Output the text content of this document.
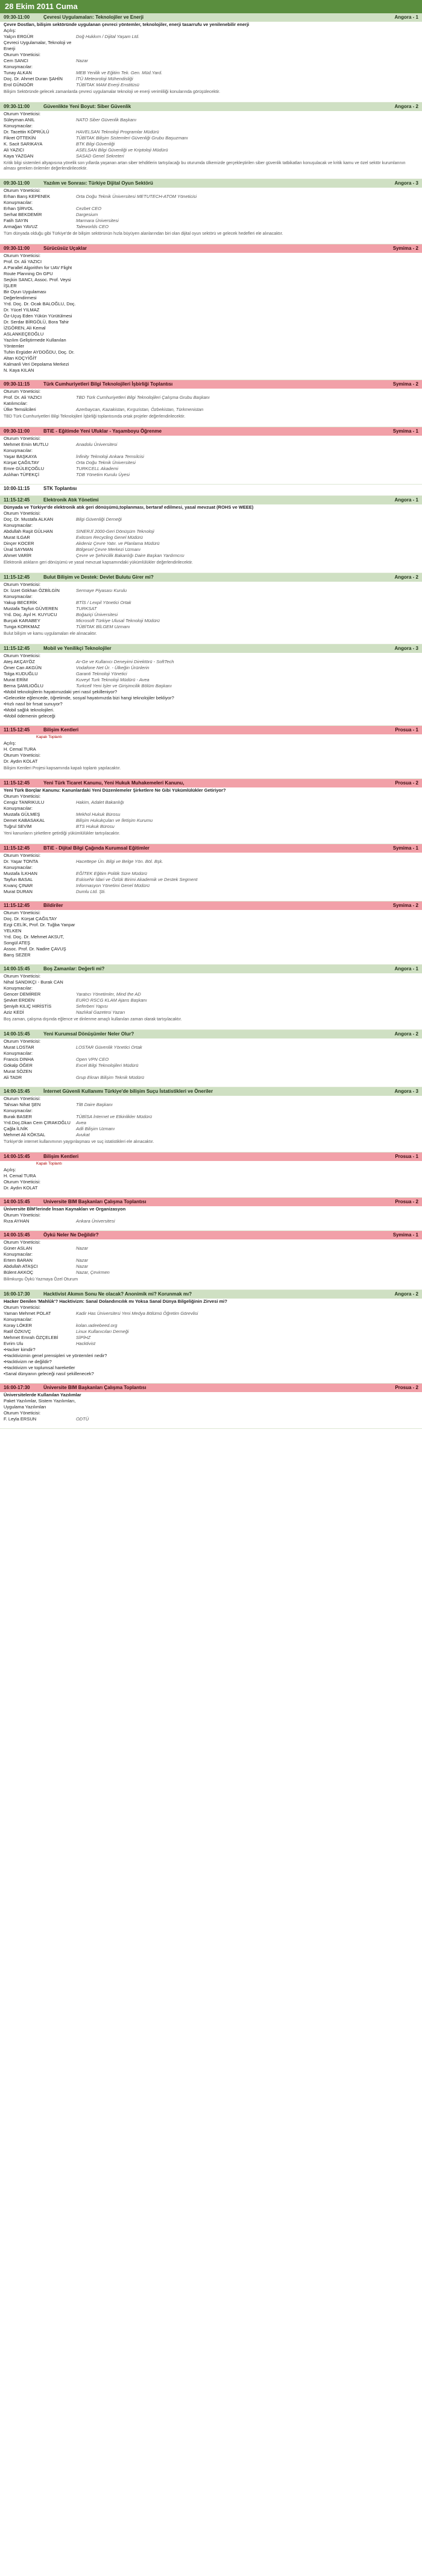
28 Ekim 2011 Cuma
09:30-11:00	Çevresi Uygulamaları: Teknolojiler ve Enerji	Angora - 1
Çevre Dostları, bilişim sektöründe uygulanan çevreci yöntemler, teknolojiler, enerji tasarrufu ve yenilenebilir enerji
Açılış:
Yalçın ERGÜR	Doğ Hukkım / Dijital Yaşam Ltd.
Çevreci Uygulamalar, Teknoloji ve Enerji
Oturum Yöneticisi:
Cem SANCI	Nazar
Konuşmacılar:
Tunay ALKAN	MEB Yenilik ve Eğitim Tek. Gen. Müd.Yard.
Doç. Dr. Ahmet Duran ŞAHİN	İTÜ Meteoroloji Mühendisliği
Erol GÜNGÖR	TÜBİTAK MAM Enerji Enstitüsü
Bilişim Sektöründe gelecek zamanlarda çevreci uygulamalar teknoloji ve enerji verimliliği konularında görüşülecektir.
09:30-11:00	Güvenlikte Yeni Boyut: Siber Güvenlik	Angora - 2
Oturum Yöneticisi:
Süleyman ANIL	NATO Siber Güvenlik Başkanı
Konuşmacılar:
Dr. Tacettin KÖPRÜLÜ	HAVELSAN Teknoloji Programlar Müdürü
Fikret OTTEKİN	TÜBİTAK Bilişim Sistemleri Güvenliği Grubu Başuzmanı
K. Sacit SARIKAYA	BTK Bilgi Güvenliği
Ali YAZICI	ASELSAN Bilgi Güvenliği ve Kriptoloji Müdürü
Kaya YAZGAN	SASAD Genel Sekreteri
Kritik bilgi sistemleri altyapısına yönelik son yıllarda yaşanan artan siber tehditlerin tartışılacağı bu oturumda ülkemizde gerçekleştirilen siber güvenlik tatbikatları konuşulacak ve kritik kamu ve özel sektör kurumlarının alması gereken önlemler değerlendirilecektir.
09:30-11:00	Yazılım ve Sonrası: Türkiye Dijital Oyun Sektörü	Angora - 3
Oturum Yöneticisi:
Erhan Barış KEPENEK	Orta Doğu Teknik Üniversitesi METUTECH-ATOM Yöneticisi
Konuşmacılar:
Erhan ŞİRVOL	Cezbet CEO
Serhat BEKDEMİR	Dargesium
Fatih SAYIN	Marmara Üniversitesi
Armağan YAVUZ	Taleworlds CEO
Tüm dünyada olduğu gibi Türkiye'de de bilişim sektörünün hızla büyüyen alanlarından biri olan dijital oyun sektörü ve gelecek hedefleri ele alınacaktır.
09:30-11:00	Sürücüsüz Uçaklar	Symima - 2
Oturum Yöneticisi:
Prof. Dr. Ali YAZICI
A Parallel Algorithm for UAV Flight Route Planning On GPU
Seçkin SANCI, Assoc. Prof. Veysi İŞLER
Bir Oyun Uygulaması Değerlendirmesi
Yrd. Doç. Dr. Ocak BALOĞLU, Doç. Dr. Yücel YILMAZ
Öz-Uçuş Eden Yükün Yürütülmesi
Dr. Serdar BİRGÖLÜ, Bora Tahir İZGÖREN, Ali Kemal ASLANKEÇEOĞLU
Yazılım Geliştirmede Kullanılan Yöntemler
Tuhin Ergüder AYDOĞDU, Doç. Dr. Altan KOÇYİĞİT
Kalmanli Veri Depolama Merkezi
N. Kaya KILAN
09:30-11:15	Türk Cumhuriyetleri Bilgi Teknolojileri İşbirliği Toplantısı	Symima - 2
Oturum Yöneticisi:
Prof. Dr. Ali YAZICI	TBD Türk Cumhuriyetleri Bilgi Teknolojileri Çalışma Grubu Başkanı
Katılımcılar:
Ülke Temsilcileri	Azerbaycan, Kazakistan, Kırgızistan, Özbekistan, Türkmenistan
TBD Türk Cumhuriyetleri Bilgi Teknolojileri İşbirliği toplantısında ortak projeler değerlendirilecektir.
09:30-11:00	BTiE - Eğitimde Yeni Ufuklar - Yaşamboyu Öğrenme	Symima - 1
Oturum Yöneticisi:
Mehmet Emin MUTLU	Anadolu Üniversitesi
Konuşmacılar:
Yaşar BAŞKAYA	İnfinity Teknoloji Ankara Temsilcisi
Kürşat ÇAĞILTAY	Orta Doğu Teknik Üniversitesi
Emre GÜLEÇOĞLU	TURKCELL Akademi
Aslıhan TÜFEKÇİ	TDB Yönetim Kurulu Üyesi
10:00-11:15	STK Toplantısı
11:15-12:45	Elektronik Atık Yönetimi	Angora - 1
Dünyada ve Türkiye'de elektronik atık geri dönüşümü,toplanması, bertaraf edilmesi, yasal mevzuat (ROHS ve WEEE)
Oturum Yöneticisi:
Doç. Dr. Mustafa ALKAN	Bilgi Güvenliği Derneği
Konuşmacılar:
Abdullah Raşit GÜLHAN	SINERJİ 2000-Geri Dönüşüm Teknoloji
Murat ILGAR	Exitcom Recycling Genel Müdürü
Dinçer KOCER	Akdeniz Çevre Yatır. ve Planlama Müdürü
Ünal SAYMAN	Bölgesel Çevre Merkezi Uzmanı
Ahmet VARİR	Çevre ve Şehircilik Bakanlığı Daire Başkan Yardımcısı
Elektronik atıkların geri dönüşümü ve yasal mevzuat kapsamındaki yükümlülükler değerlendirilecektir.
11:15-12:45	Bulut Bilişim ve Destek: Devlet Bulutu Girer mi?	Angora - 2
Oturum Yöneticisi:
Dr. İzzet Gökhan ÖZBİLGİN	Sermaye Piyasası Kurulu
Konuşmacılar:
Yakup BECERİK	BTİS / Lexpil Yönetici Ortak
Mustafa Tayfun GÜVEREN	TURKSAT
Yrd. Doç. Ayıl H. KUYUCU	Boğaziçi Üniversitesi
Burçak KARABEY	Microsoft Türkiye Ulusal Teknoloji Müdürü
Tunga KORKMAZ	TÜBİTAK BİLGEM Uzmanı
Bulut bilişim ve kamu uygulamaları ele alınacaktır.
11:15-12:45	Mobil ve Yenilikçi Teknolojiler	Angora - 3
Oturum Yöneticisi:
Ateş AKÇAYÖZ	Ar-Ge ve Kullanıcı Deneyimi Direktörü - SoftTech
Ömer Can AKGÜN	Vodafone Net Ür. - Ülkeğin Ürünlerin
Tolga KUDUĞLU	Garanti Teknoloji Yönetici
Murat ERİM	Kuveyt Turk Teknoloji Müdürü - Avea
Berna ŞAMLIOĞLU	Turkcell Yeni İşler ve Girişimcilik Bölüm Başkanı
• Mobil teknolojilerin hayatımızdaki yeri nasıl şekilleniyor?
• Gelecekte eğlencede, öğretimde, sosyal hayatımızda bizi hangi teknolojiler bekliyor?
• Hızlı nasıl bir fırsat sunuyor?
• Mobil sağlık teknolojileri.
• Mobil ödemenin geleceği
11:15-12:45	Bilişim Kentleri	Prosua - 1
Kapalı Toplantı
Açılış:
H. Cemal TURA
Oturum Yöneticisi:
Dr. Aydın KOLAT
Bilişim Kentleri Projesi kapsamında kapalı toplantı yapılacaktır.
11:15-12:45	Yeni Türk Ticaret Kanunu, Yeni Hukuk Muhakemeleri Kanunu,	Prosua - 2
Yeni Türk Borçlar Kanunu: Kanunlardaki Yeni Düzenlemeler Şirketlere Ne Gibi Yükümlülükler Getiriyor?
Oturum Yöneticisi:
Cengiz TANRIKULU	Hakim, Adalet Bakanlığı
Konuşmacılar:
Mustafa GÜLMEŞ	Mekhol Hukuk Bürosu
Demet KABASAKAL	Bilişim Hukukçuları ve İletişim Kurumu
Tuğrul SEVİM	BTS Hukuk Bürosu
Yeni kanunların şirketlere getirdiği yükümlülükler tartışılacaktır.
11:15-12:45	BTiE - Dijital Bilgi Çağında Kurumsal Eğitimler	Symima - 1
Oturum Yöneticisi:
Dr. Yaşar TONTA	Hacettepe Ün. Bilgi ve Belge Yön. Böl. Bşk.
Konuşmacılar:
Mustafa İLKHAN	EĞİTEK Eğitim Politik Süre Müdürü
Tayfun BASAL	Eskisehir İdari ve Özlük Birimi Akademik ve Destek Segment
Kıvanç ÇINAR	Informasyon Yönetimi Genel Müdürü
Murat DURAN	Dumlu Ltd. Şti.
11:15-12:45	Bildiriler	Symima - 2
Oturum Yöneticisi:
Doç. Dr. Kürşat ÇAĞILTAY
Ezgi CELİK, Prof. Dr. Tuğba Yanpar YELKEN
Yrd. Doç. Dr. Mehmet AKSUT, Songül ATEŞ
Assoc. Prof. Dr. Nadire ÇAVUŞ
Barış SEZER
14:00-15:45	Boş Zamanlar: Değerli mi?	Angora - 1
Oturum Yöneticisi:
Nihal SANDIKÇI - Burak CAN
Konuşmacılar:
Gencer DEMİRER	Yaratıcı Yönetimler, Mind the AD
Şevket ERDEN	EURO RSCG KLAM Ajans Başkanı
Şeniyih KILIÇ HIRİSTİS	Seferberi Yapısı
Aziz KEDİ	Nazlıkal Gazetesi Yazarı
Boş zaman, çalışma dışında eğlence ve dinlenme amaçlı kullanılan zaman olarak tartışılacaktır.
14:00-15:45	Yeni Kurumsal Dönüşümler Neler Olur?	Angora - 2
Oturum Yöneticisi:
Murat LOSTAR	LOSTAR Güvenlik Yönetici Ortak
Konuşmacılar:
Francis DINHA	Open VPN CEO
Gökalp ÖĞER	Excel Bilgi Teknolojileri Müdürü
Murat SÖZEN
Ali TADR	Grup Ekran Bilişim Teknik Müdürü
14:00-15:45	İnternet Güvenli Kullanımı Türkiye'de bilişim Suçu İstatistikleri ve Öneriler	Angora - 3
Oturum Yöneticisi:
Tahsan Nihat ŞEN	TİB Daire Başkanı
Konuşmacılar:
Burak BASER	TÜBİSA İnternet ve Etkinlikler Müdürü
Yrd.Doç.Dkan Cem ÇIRAKOĞLU	Avea
Çağla İLNİK	Adli Bilişim Uzmanı
Mehmet Ali KÖKSAL	Avukat
Türkiye'de internet kullanımının yaygınlaşması ve suç istatistikleri ele alınacaktır.
14:00-15:45	Bilişim Kentleri	Prosua - 1
Kapalı Toplantı
Açılış:
H. Cemal TURA
Oturum Yöneticisi:
Dr. Aydın KOLAT
14:00-15:45	Universite BIM Başkanları Çalışma Toplantısı	Prosua - 2
Üniversite BİM'lerinde İnsan Kaynakları ve Organizasyon
Oturum Yöneticisi:
Rıza AYHAN	Ankara Üniversitesi
14:00-15:45	Öykü Neler Ne Değildir?	Symima - 1
Oturum Yöneticisi:
Güner ASLAN	Nazar
Konuşmacılar:
Ertem BARAN	Nazar
Abdullah ATAŞCI	Nazar
Bülent AKKOÇ	Nazar, Çevirmen
Bilimkurgu Öykü Yazmaya Özel Oturum
16:00-17:30	Hacktivist Akımın Sonu Ne olacak? Anonimik mi? Korunmak mı?	Angora - 2
Hacker Denilen 'Mahlûk'? Hacktivizm: Sanal Dolandırıcılık mı Yoksa Sanal Dünya Bilgeliğinin Zirvesi mi?
Oturum Yöneticisi:
Yaman Mehmet POLAT	Kadir Has Üniversitesi Yeni Medya Bölümü Öğretim Görevlisi
Konuşmacılar:
Koray LÖKER	kolan.ıadeebeed.org
Ratif ÖZKIVÇ	Linux Kullanıcıları Derneği
Mehmet Emrah ÖZÇELEBİ	SİPİHZ
Evrim Ulu	Hacktivist
• Hacker kimdir?
• Hacktivizmin genel prensipleri ve yöntemleri nedir?
• Hacktivizm ne değildir?
• Hacktivizm ve toplumsal hareketler
• Sanal dünyanın geleceği nasıl şekillenecek?
16:00-17:30	Üniversite BIM Başkanları Çalışma Toplantısı	Prosua - 2
Üniversitelerde Kullanılan Yazılımlar
Paket Yazılımlar, Sistem Yazılımları, Uygulama Yazılımları
Oturum Yöneticisi:
F. Leyla ERSUN	ODTÜ
